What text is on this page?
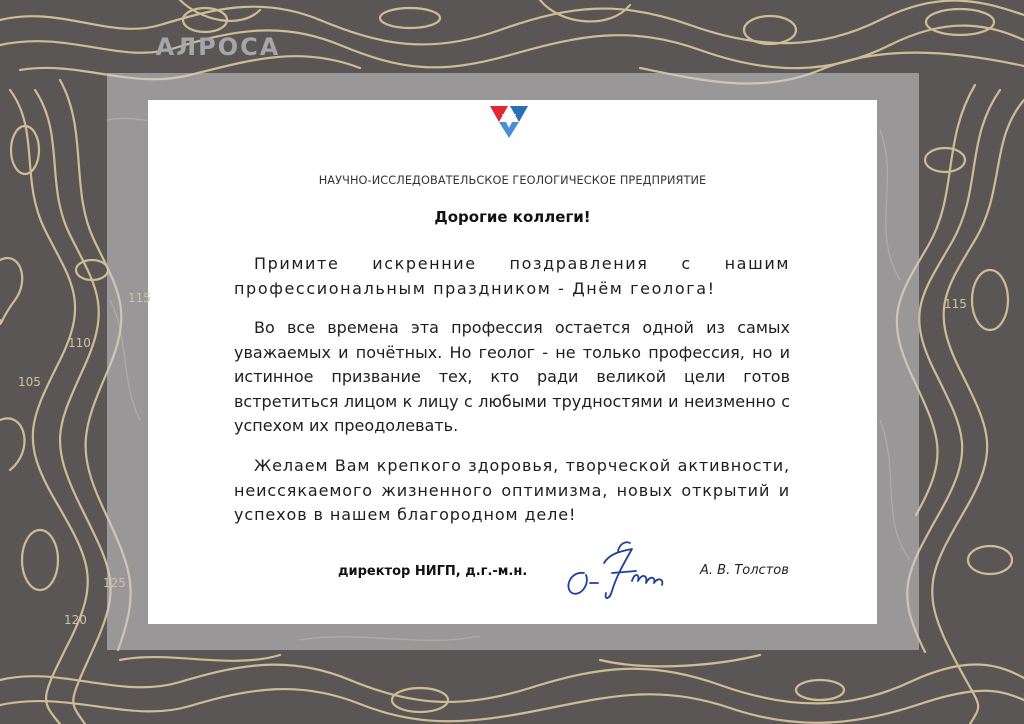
115
110
105
125
120
115
АЛРОСА
НАУЧНО-ИССЛЕДОВАТЕЛЬСКОЕ ГЕОЛОГИЧЕСКОЕ ПРЕДПРИЯТИЕ
Дорогие коллеги!

Примите искренние поздравления с нашим профессиональным праздником - Днём геолога!

Во все времена эта профессия остается одной из самых уважаемых и почётных. Но геолог - не только профессия, но и истинное призвание тех, кто ради великой цели готов встретиться лицом к лицу с любыми трудностями и неизменно с успехом их преодолевать.

Желаем Вам крепкого здоровья, творческой активности, неиссякаемого жизненного оптимизма, новых открытий и успехов в нашем благородном деле!

директор НИГП, д.г.-м.н.	А. В. Толстов
